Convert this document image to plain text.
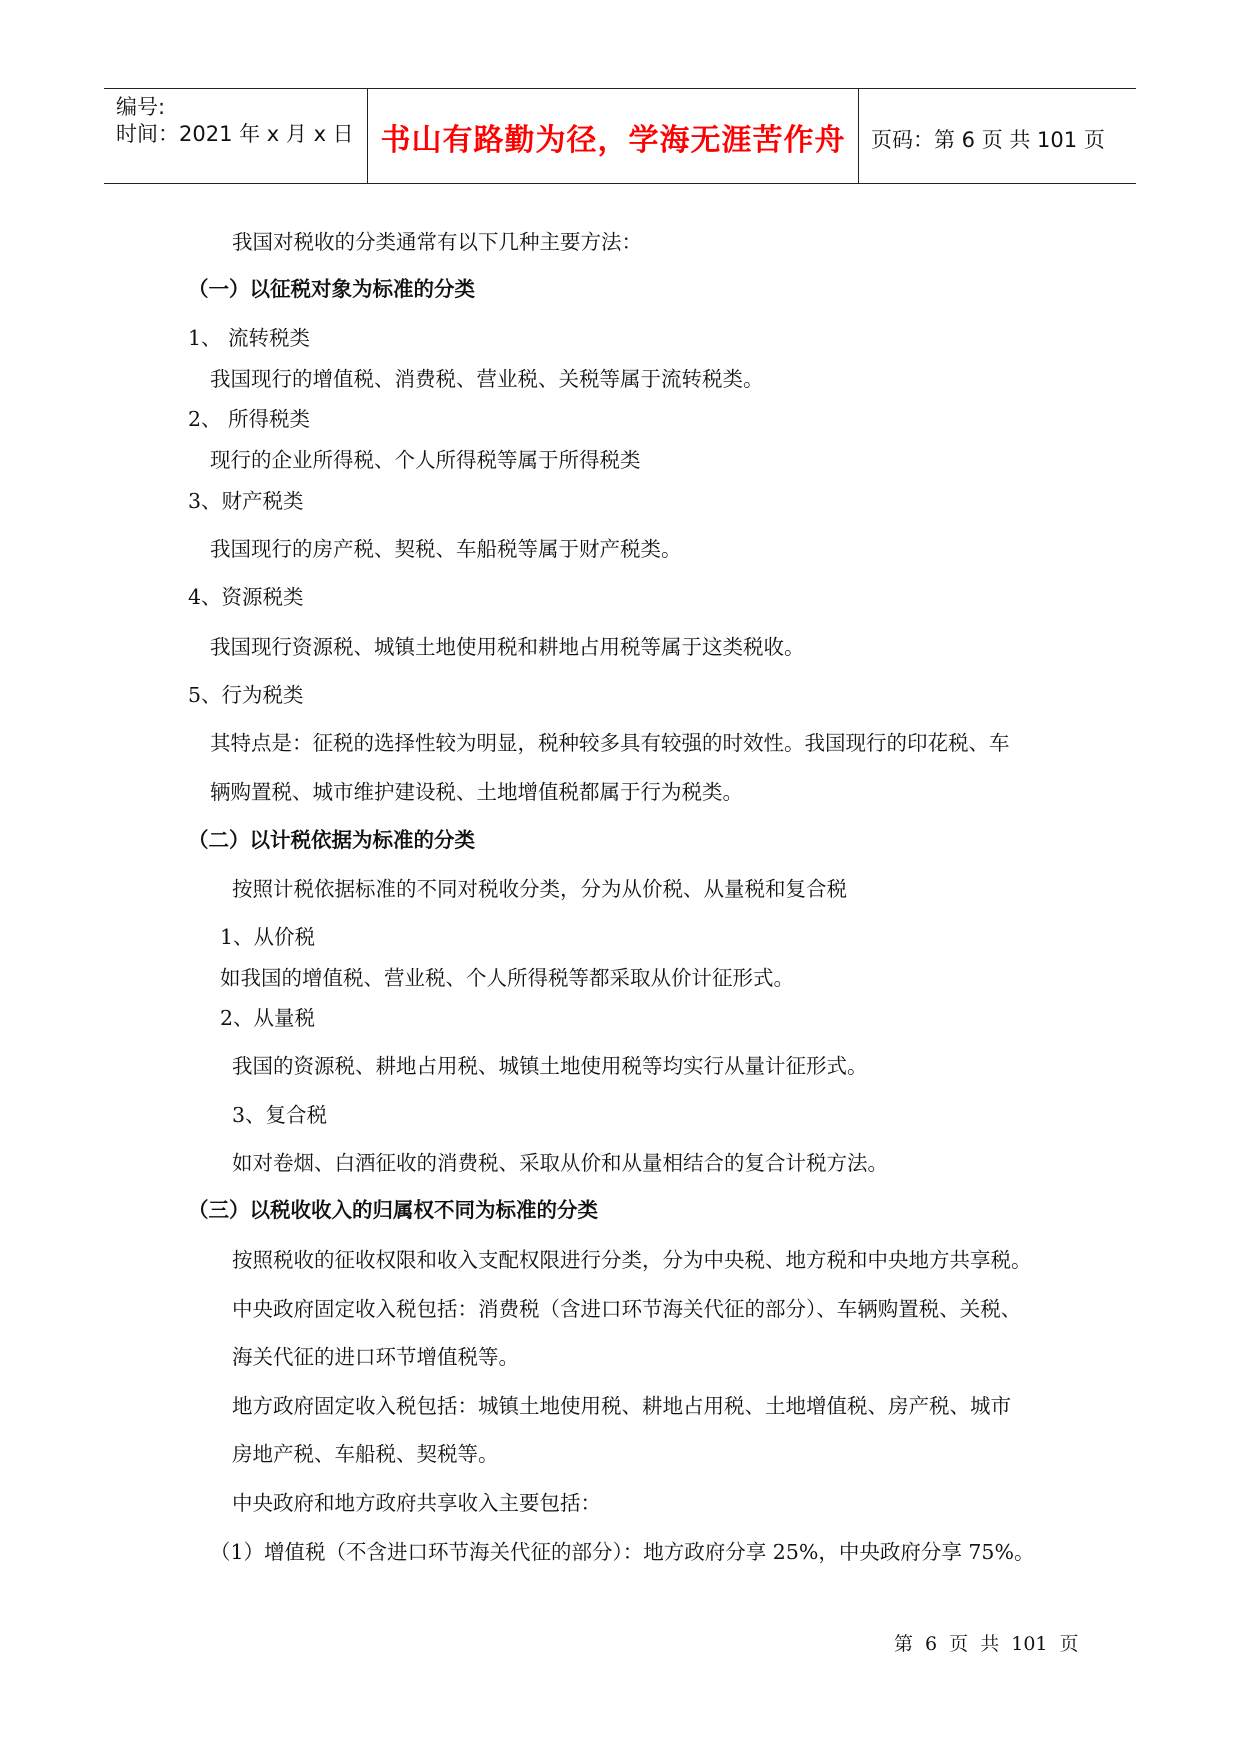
编号:
时间：2021 年 x 月 x 日 书山有路勤为径，学海无涯苦作舟	页码：第 6 页 共 101 页
我国对税收的分类通常有以下几种主要方法：
（一）以征税对象为标准的分类
1、 流转税类
我国现行的增值税、消费税、营业税、关税等属于流转税类。
2、 所得税类
现行的企业所得税、个人所得税等属于所得税类
3、财产税类
我国现行的房产税、契税、车船税等属于财产税类。
4、资源税类
我国现行资源税、城镇土地使用税和耕地占用税等属于这类税收。
5、行为税类
其特点是：征税的选择性较为明显，税种较多具有较强的时效性。我国现行的印花税、车
辆购置税、城市维护建设税、土地增值税都属于行为税类。
（二）以计税依据为标准的分类
按照计税依据标准的不同对税收分类，分为从价税、从量税和复合税
1、从价税
如我国的增值税、营业税、个人所得税等都采取从价计征形式。
2、从量税
我国的资源税、耕地占用税、城镇土地使用税等均实行从量计征形式。
3、复合税
如对卷烟、白酒征收的消费税、采取从价和从量相结合的复合计税方法。
（三）以税收收入的归属权不同为标准的分类
按照税收的征收权限和收入支配权限进行分类，分为中央税、地方税和中央地方共享税。
中央政府固定收入税包括：消费税（含进口环节海关代征的部分）、车辆购置税、关税、
海关代征的进口环节增值税等。
地方政府固定收入税包括：城镇土地使用税、耕地占用税、土地增值税、房产税、城市
房地产税、车船税、契税等。
中央政府和地方政府共享收入主要包括：
（1）增值税（不含进口环节海关代征的部分）：地方政府分享 25%，中央政府分享 75%。
第 6 页 共 101 页
